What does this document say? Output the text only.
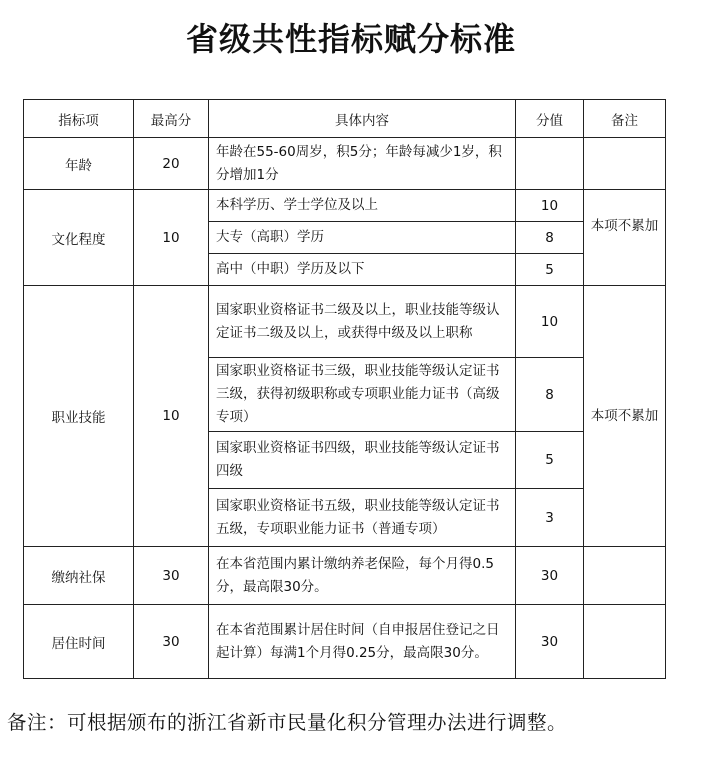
省级共性指标赋分标准
指标项	最高分	具体内容	分值	备注
年龄	20	年龄在55-60周岁，积5分；年龄每减少1岁，积分增加1分		
文化程度	10	本科学历、学士学位及以上	10	本项不累加
		大专（高职）学历	8	
		高中（中职）学历及以下	5	
职业技能	10	国家职业资格证书二级及以上，职业技能等级认定证书二级及以上，或获得中级及以上职称	10	本项不累加
		国家职业资格证书三级，职业技能等级认定证书三级，获得初级职称或专项职业能力证书（高级专项）	8	
		国家职业资格证书四级，职业技能等级认定证书四级	5	
		国家职业资格证书五级，职业技能等级认定证书五级，专项职业能力证书（普通专项）	3	
缴纳社保	30	在本省范围内累计缴纳养老保险，每个月得0.5分，最高限30分。	30	
居住时间	30	在本省范围累计居住时间（自申报居住登记之日起计算）每满1个月得0.25分，最高限30分。	30	
备注：可根据颁布的浙江省新市民量化积分管理办法进行调整。
